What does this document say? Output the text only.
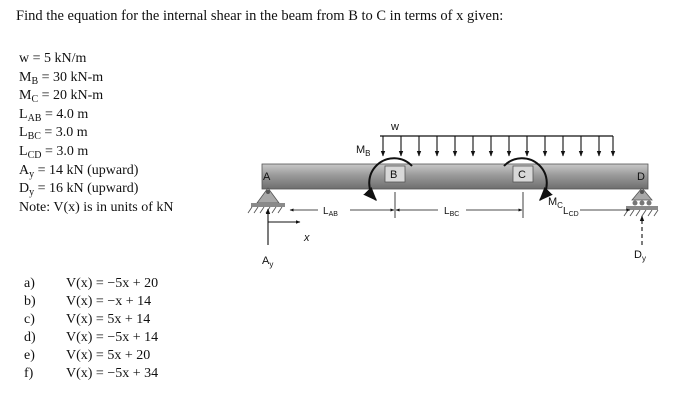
Find the equation for the internal shear in the beam from B to C in terms of x given:
w = 5 kN/m
$M_B = 30$ kN-m
$M_C = 20$ kN-m
$L_{AB} = 4.0$ m
$L_{BC} = 3.0$ m
$L_{CD} = 3.0$ m
$A_y = 14$ kN (upward)
$D_y = 16$ kN (upward)
Note: V(x) is in units of kN
a)	V(x) = −5x + 20
b)	V(x) = −x + 14
c)	V(x) = 5x + 14
d)	V(x) = −5x + 14
e)	V(x) = 5x + 20
f)	V(x) = −5x + 34
w
A	B	C	D
$M_B$
$M_C$
$L_{AB}$	$L_{BC}$	$L_{CD}$
x
$A_y$
$D_y$
